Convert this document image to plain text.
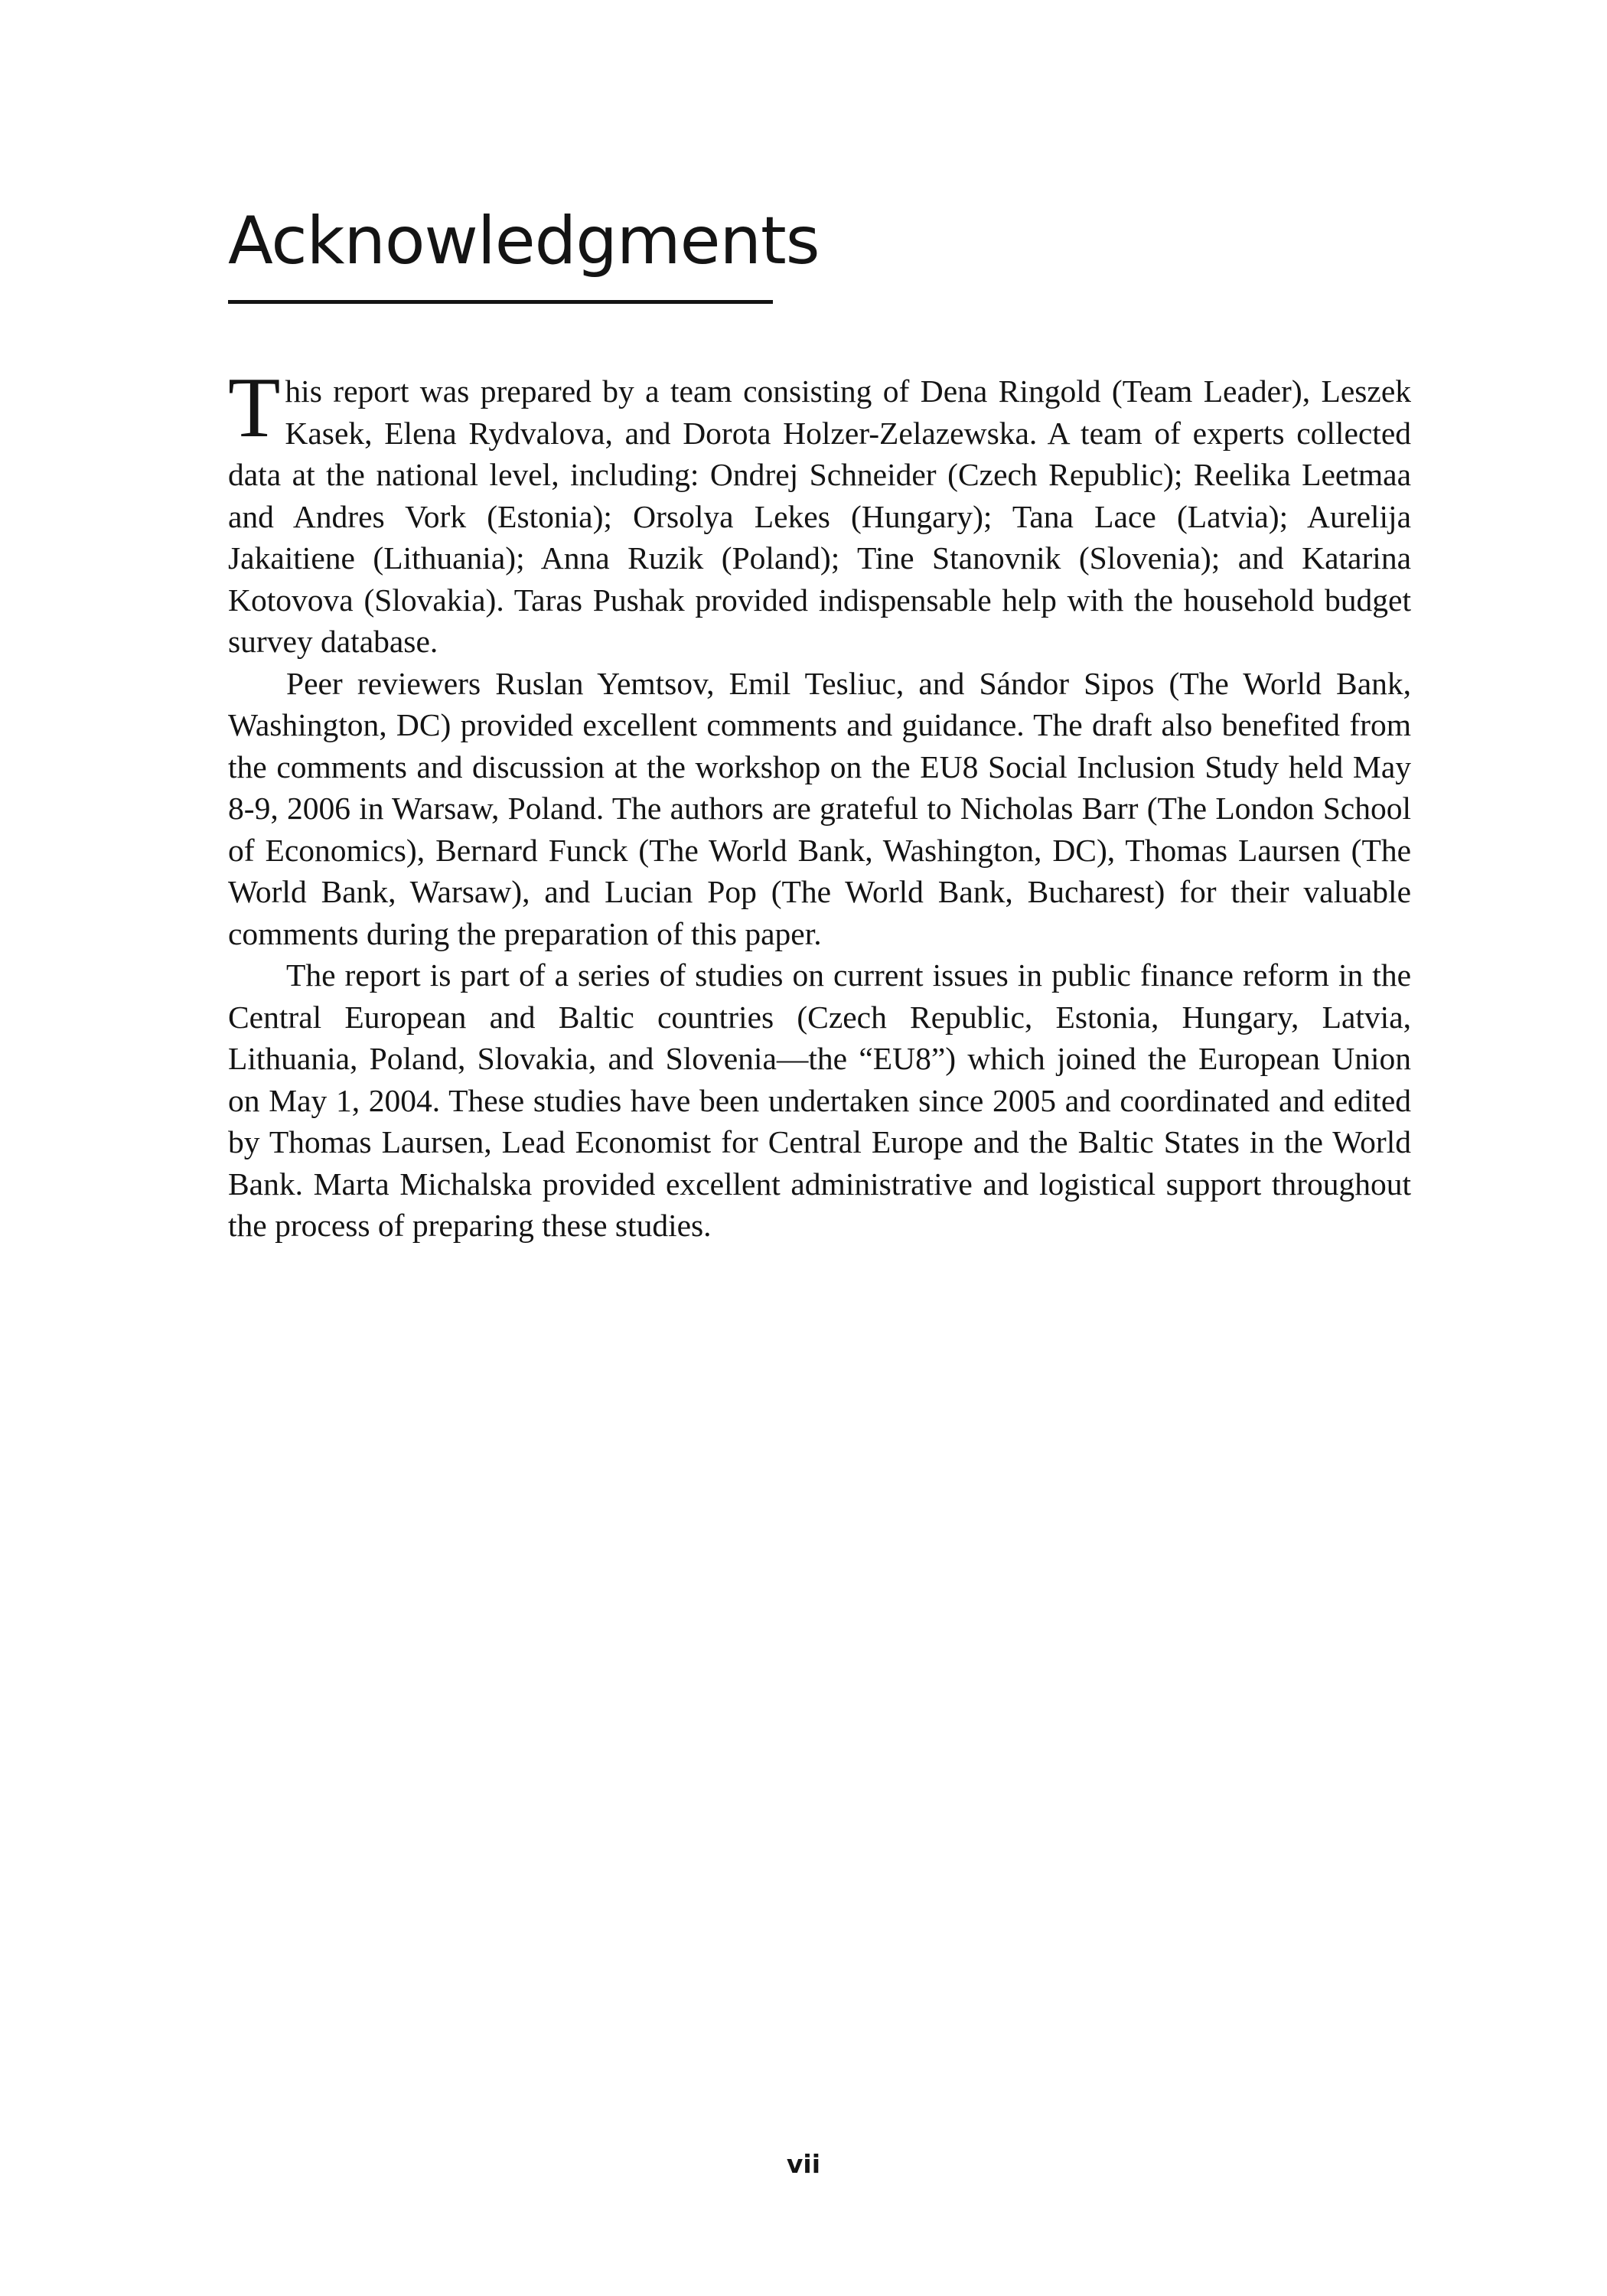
Acknowledgments

This report was prepared by a team consisting of Dena Ringold (Team Leader), Leszek Kasek, Elena Rydvalova, and Dorota Holzer-Zelazewska. A team of experts collected data at the national level, including: Ondrej Schneider (Czech Republic); Reelika Leetmaa and Andres Vork (Estonia); Orsolya Lekes (Hungary); Tana Lace (Latvia); Aurelija Jakaitiene (Lithuania); Anna Ruzik (Poland); Tine Stanovnik (Slovenia); and Katarina Kotovova (Slovakia). Taras Pushak provided indispensable help with the household budget survey database.

Peer reviewers Ruslan Yemtsov, Emil Tesliuc, and Sándor Sipos (The World Bank, Washington, DC) provided excellent comments and guidance. The draft also benefited from the comments and discussion at the workshop on the EU8 Social Inclusion Study held May 8-9, 2006 in Warsaw, Poland. The authors are grateful to Nicholas Barr (The London School of Economics), Bernard Funck (The World Bank, Washington, DC), Thomas Laursen (The World Bank, Warsaw), and Lucian Pop (The World Bank, Bucharest) for their valuable comments during the preparation of this paper.

The report is part of a series of studies on current issues in public finance reform in the Central European and Baltic countries (Czech Republic, Estonia, Hungary, Latvia, Lithuania, Poland, Slovakia, and Slovenia—the “EU8”) which joined the European Union on May 1, 2004. These studies have been undertaken since 2005 and coordinated and edited by Thomas Laursen, Lead Economist for Central Europe and the Baltic States in the World Bank. Marta Michalska provided excellent administrative and logistical support throughout the process of preparing these studies.

vii
